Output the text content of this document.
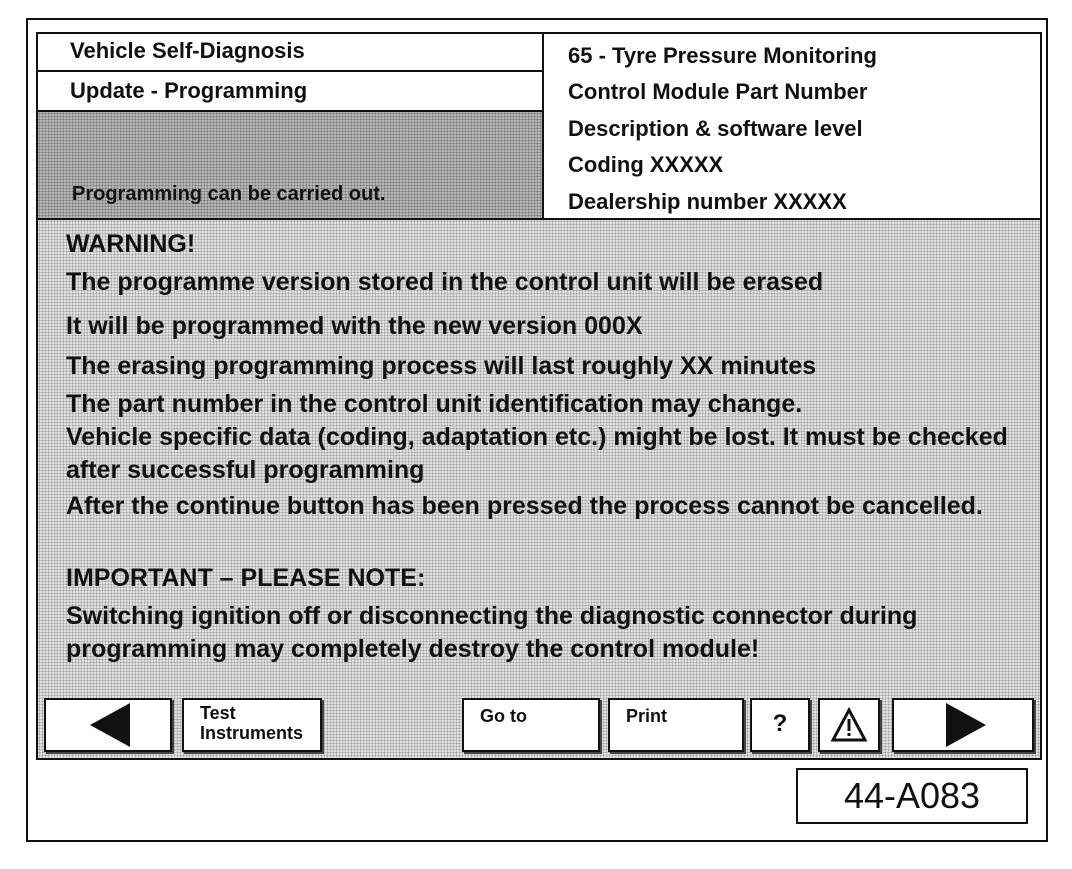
Vehicle Self-Diagnosis
Update - Programming
Programming can be carried out.
65 - Tyre Pressure Monitoring
Control Module Part Number
Description & software level
Coding XXXXX
Dealership number XXXXX
WARNING!
The programme version stored in the control unit will be erased
It will be programmed with the new version 000X
The erasing programming process will last roughly XX minutes
The part number in the control unit identification may change.
Vehicle specific data (coding, adaptation etc.) might be lost. It must be checked after successful programming
After the continue button has been pressed the process cannot be cancelled.
IMPORTANT – PLEASE NOTE:
Switching ignition off or disconnecting the diagnostic connector during programming may completely destroy the control module!
Test
Instruments
Go to	Print	?
44-A083
